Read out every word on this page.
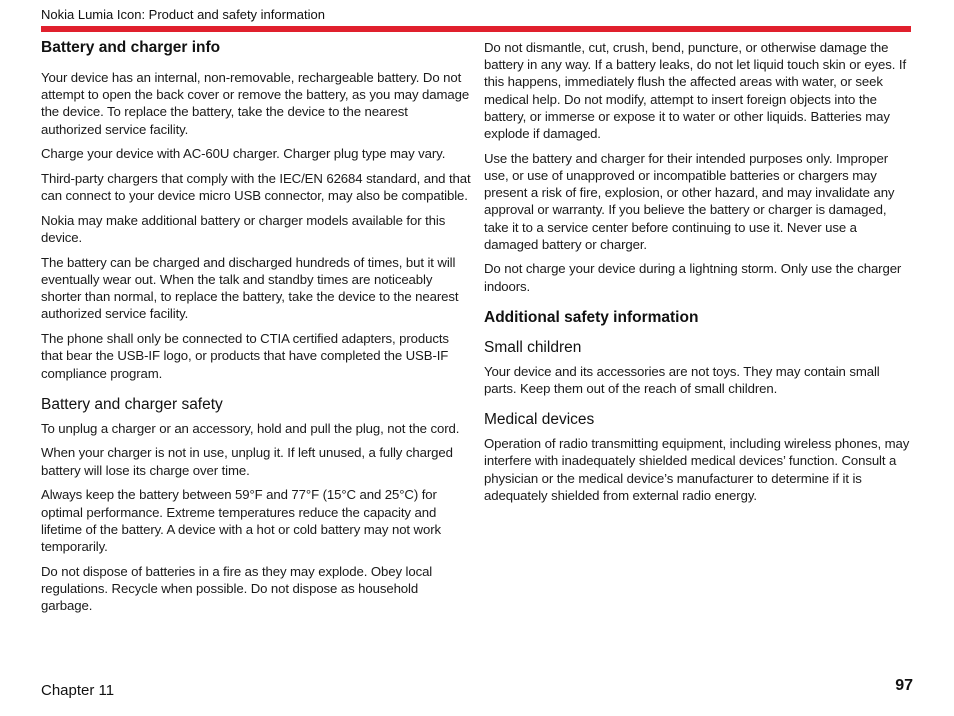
Nokia Lumia Icon: Product and safety information
Battery and charger info

Your device has an internal, non-removable, rechargeable battery. Do not attempt to open the back cover or remove the battery, as you may damage the device. To replace the battery, take the device to the nearest authorized service facility.

Charge your device with AC-60U charger. Charger plug type may vary.

Third-party chargers that comply with the IEC/EN 62684 standard, and that can connect to your device micro USB connector, may also be compatible.

Nokia may make additional battery or charger models available for this device.

The battery can be charged and discharged hundreds of times, but it will eventually wear out. When the talk and standby times are noticeably shorter than normal, to replace the battery, take the device to the nearest authorized service facility.

The phone shall only be connected to CTIA certified adapters, products that bear the USB-IF logo, or products that have completed the USB-IF compliance program.

Battery and charger safety

To unplug a charger or an accessory, hold and pull the plug, not the cord.

When your charger is not in use, unplug it. If left unused, a fully charged battery will lose its charge over time.

Always keep the battery between 59°F and 77°F (15°C and 25°C) for optimal performance. Extreme temperatures reduce the capacity and lifetime of the battery. A device with a hot or cold battery may not work temporarily.

Do not dispose of batteries in a fire as they may explode. Obey local regulations. Recycle when possible. Do not dispose as household garbage.

Do not dismantle, cut, crush, bend, puncture, or otherwise damage the battery in any way. If a battery leaks, do not let liquid touch skin or eyes. If this happens, immediately flush the affected areas with water, or seek medical help. Do not modify, attempt to insert foreign objects into the battery, or immerse or expose it to water or other liquids. Batteries may explode if damaged.

Use the battery and charger for their intended purposes only. Improper use, or use of unapproved or incompatible batteries or chargers may present a risk of fire, explosion, or other hazard, and may invalidate any approval or warranty. If you believe the battery or charger is damaged, take it to a service center before continuing to use it. Never use a damaged battery or charger.

Do not charge your device during a lightning storm. Only use the charger indoors.

Additional safety information
Small children

Your device and its accessories are not toys. They may contain small parts. Keep them out of the reach of small children.

Medical devices

Operation of radio transmitting equipment, including wireless phones, may interfere with inadequately shielded medical devices’ function. Consult a physician or the medical device’s manufacturer to determine if it is adequately shielded from external radio energy.

Chapter 11	97
